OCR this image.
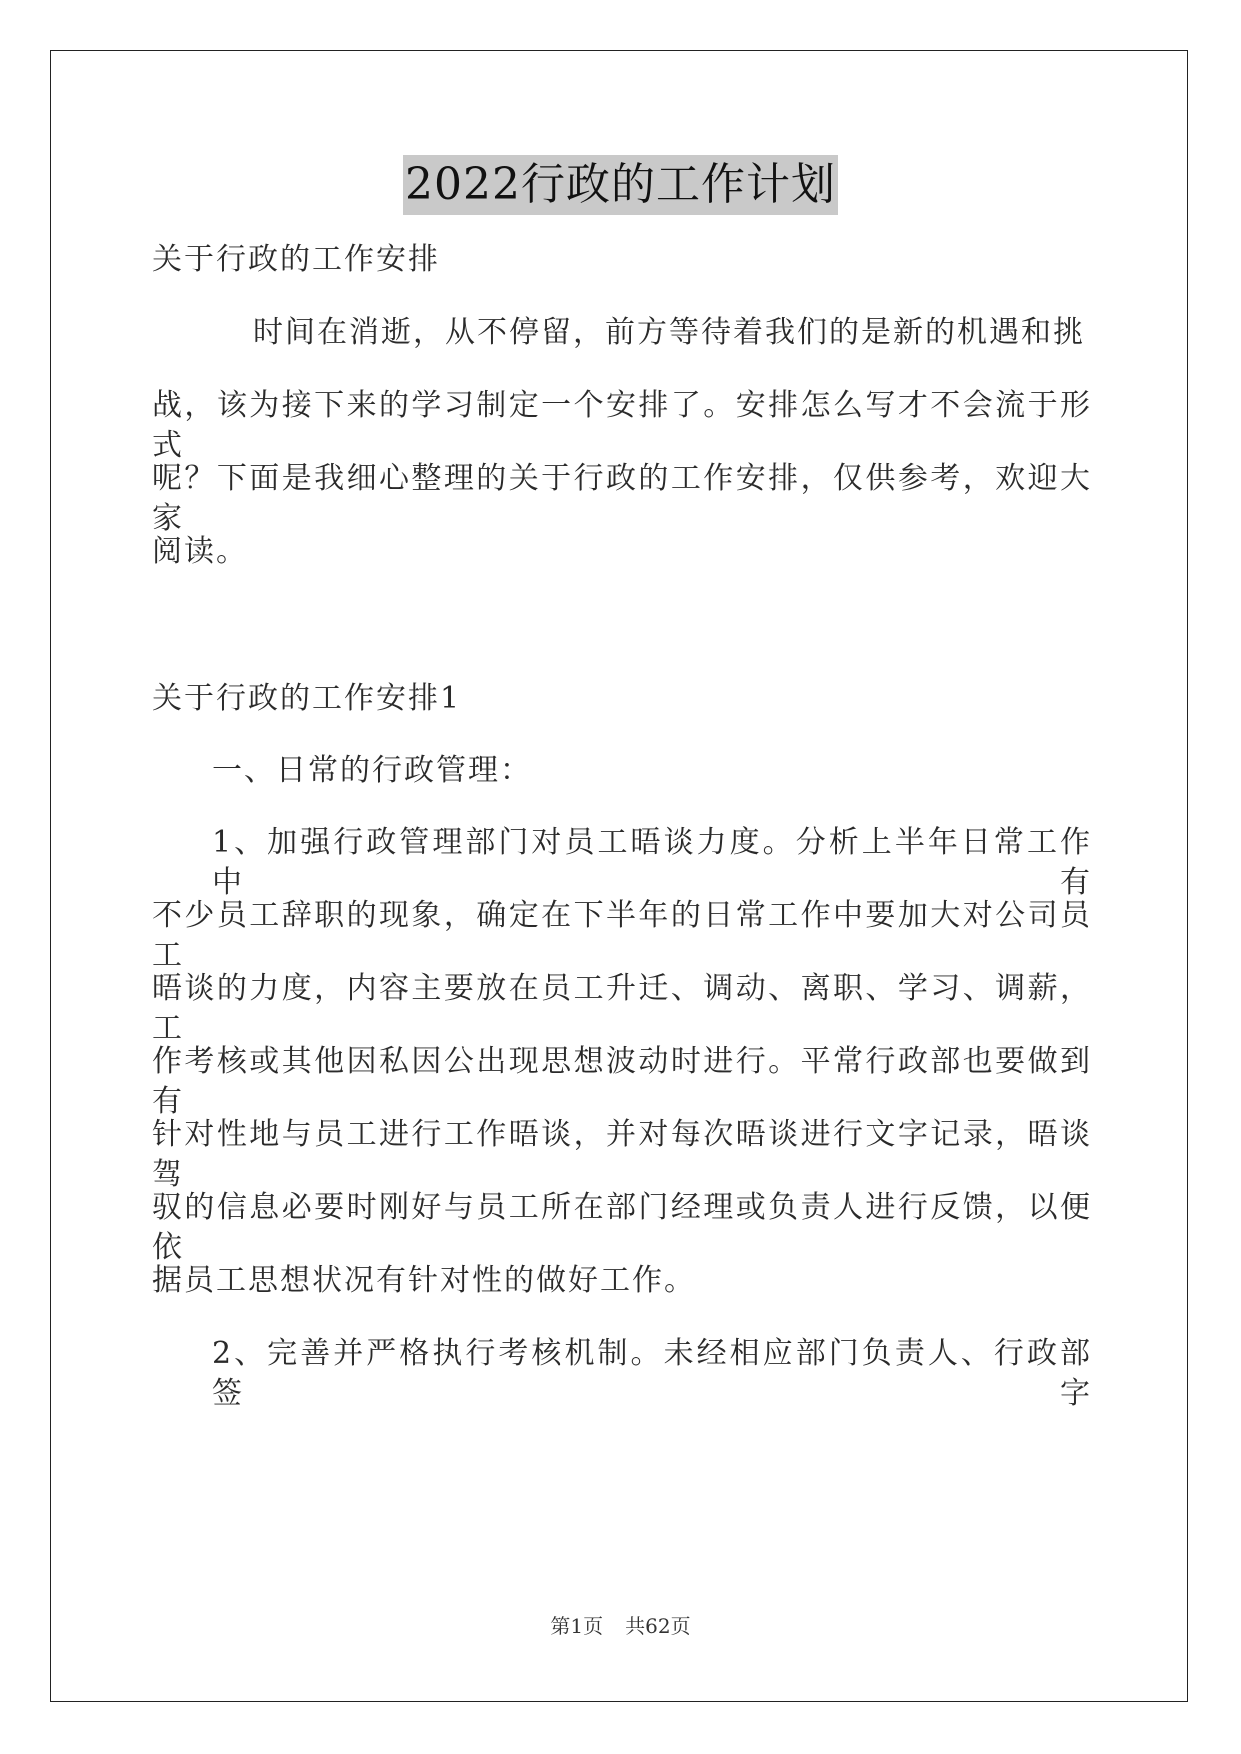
2022行政的工作计划
关于行政的工作安排
时间在消逝，从不停留，前方等待着我们的是新的机遇和挑
战，该为接下来的学习制定一个安排了。安排怎么写才不会流于形式
呢？下面是我细心整理的关于行政的工作安排，仅供参考，欢迎大家
阅读。
关于行政的工作安排1
一、日常的行政管理：
1、加强行政管理部门对员工晤谈力度。分析上半年日常工作中有
不少员工辞职的现象，确定在下半年的日常工作中要加大对公司员工
晤谈的力度，内容主要放在员工升迁、调动、离职、学习、调薪，工
作考核或其他因私因公出现思想波动时进行。平常行政部也要做到有
针对性地与员工进行工作晤谈，并对每次晤谈进行文字记录，晤谈驾
驭的信息必要时刚好与员工所在部门经理或负责人进行反馈，以便依
据员工思想状况有针对性的做好工作。
2、完善并严格执行考核机制。未经相应部门负责人、行政部签字
第1页 共62页
